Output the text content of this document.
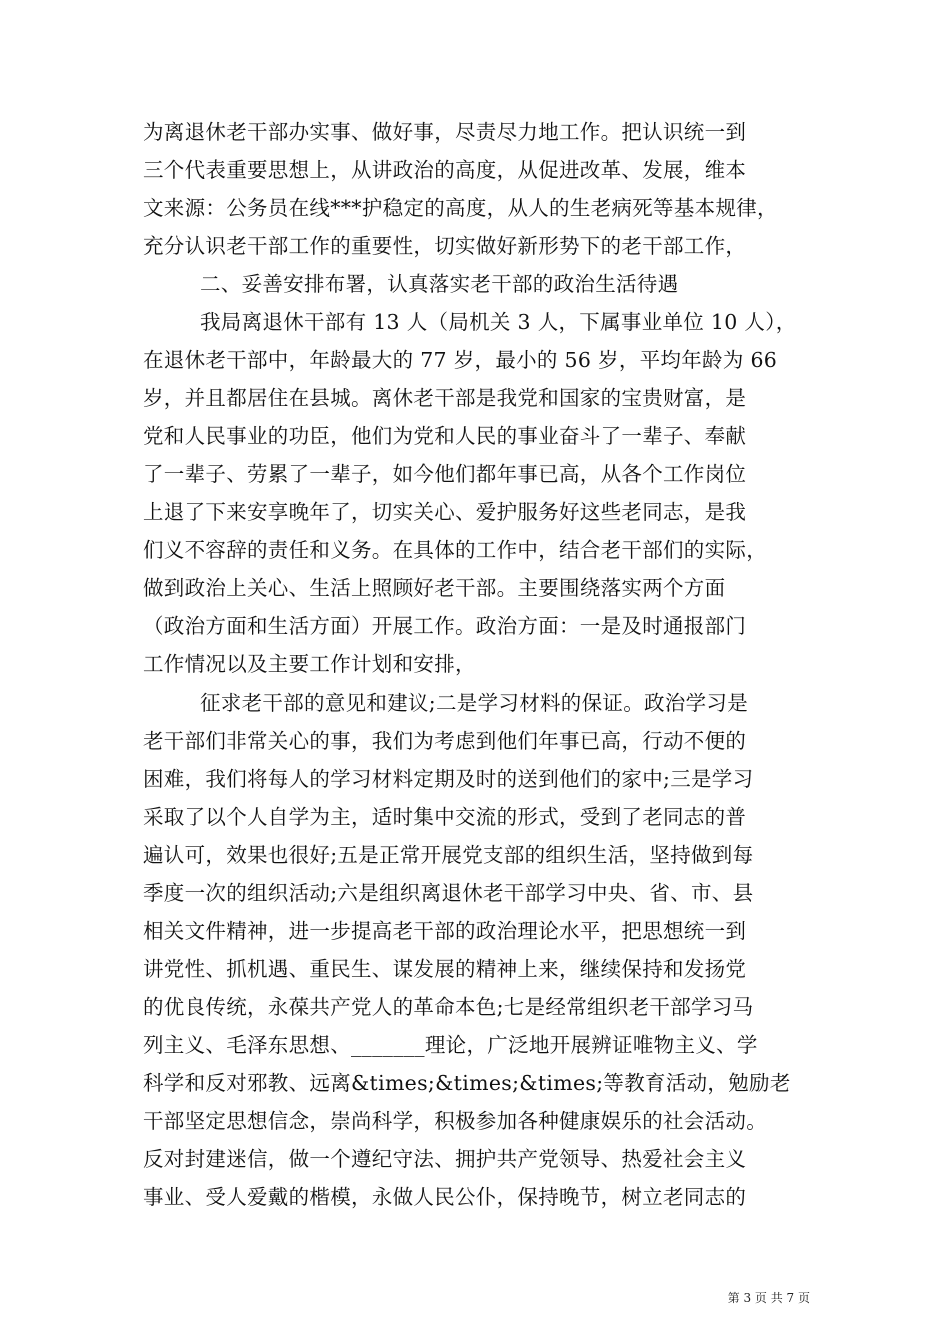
为离退休老干部办实事、做好事，尽责尽力地工作。把认识统一到
三个代表重要思想上，从讲政治的高度，从促进改革、发展，维本
文来源：公务员在线***护稳定的高度，从人的生老病死等基本规律，
充分认识老干部工作的重要性，切实做好新形势下的老干部工作，
二、妥善安排布署，认真落实老干部的政治生活待遇
我局离退休干部有 13 人（局机关 3 人，下属事业单位 10 人），
在退休老干部中，年龄最大的 77 岁，最小的 56 岁，平均年龄为 66
岁，并且都居住在县城。离休老干部是我党和国家的宝贵财富，是
党和人民事业的功臣，他们为党和人民的事业奋斗了一辈子、奉献
了一辈子、劳累了一辈子，如今他们都年事已高，从各个工作岗位
上退了下来安享晚年了，切实关心、爱护服务好这些老同志，是我
们义不容辞的责任和义务。在具体的工作中，结合老干部们的实际，
做到政治上关心、生活上照顾好老干部。主要围绕落实两个方面
（政治方面和生活方面）开展工作。政治方面：一是及时通报部门
工作情况以及主要工作计划和安排，
征求老干部的意见和建议;二是学习材料的保证。政治学习是
老干部们非常关心的事，我们为考虑到他们年事已高，行动不便的
困难，我们将每人的学习材料定期及时的送到他们的家中;三是学习
采取了以个人自学为主，适时集中交流的形式，受到了老同志的普
遍认可，效果也很好;五是正常开展党支部的组织生活，坚持做到每
季度一次的组织活动;六是组织离退休老干部学习中央、省、市、县
相关文件精神，进一步提高老干部的政治理论水平，把思想统一到
讲党性、抓机遇、重民生、谋发展的精神上来，继续保持和发扬党
的优良传统，永葆共产党人的革命本色;七是经常组织老干部学习马
列主义、毛泽东思想、_______理论，广泛地开展辨证唯物主义、学
科学和反对邪教、远离&times;&times;&times;等教育活动，勉励老
干部坚定思想信念，崇尚科学，积极参加各种健康娱乐的社会活动。
反对封建迷信，做一个遵纪守法、拥护共产党领导、热爱社会主义
事业、受人爱戴的楷模，永做人民公仆，保持晚节，树立老同志的
第 3 页 共 7 页
